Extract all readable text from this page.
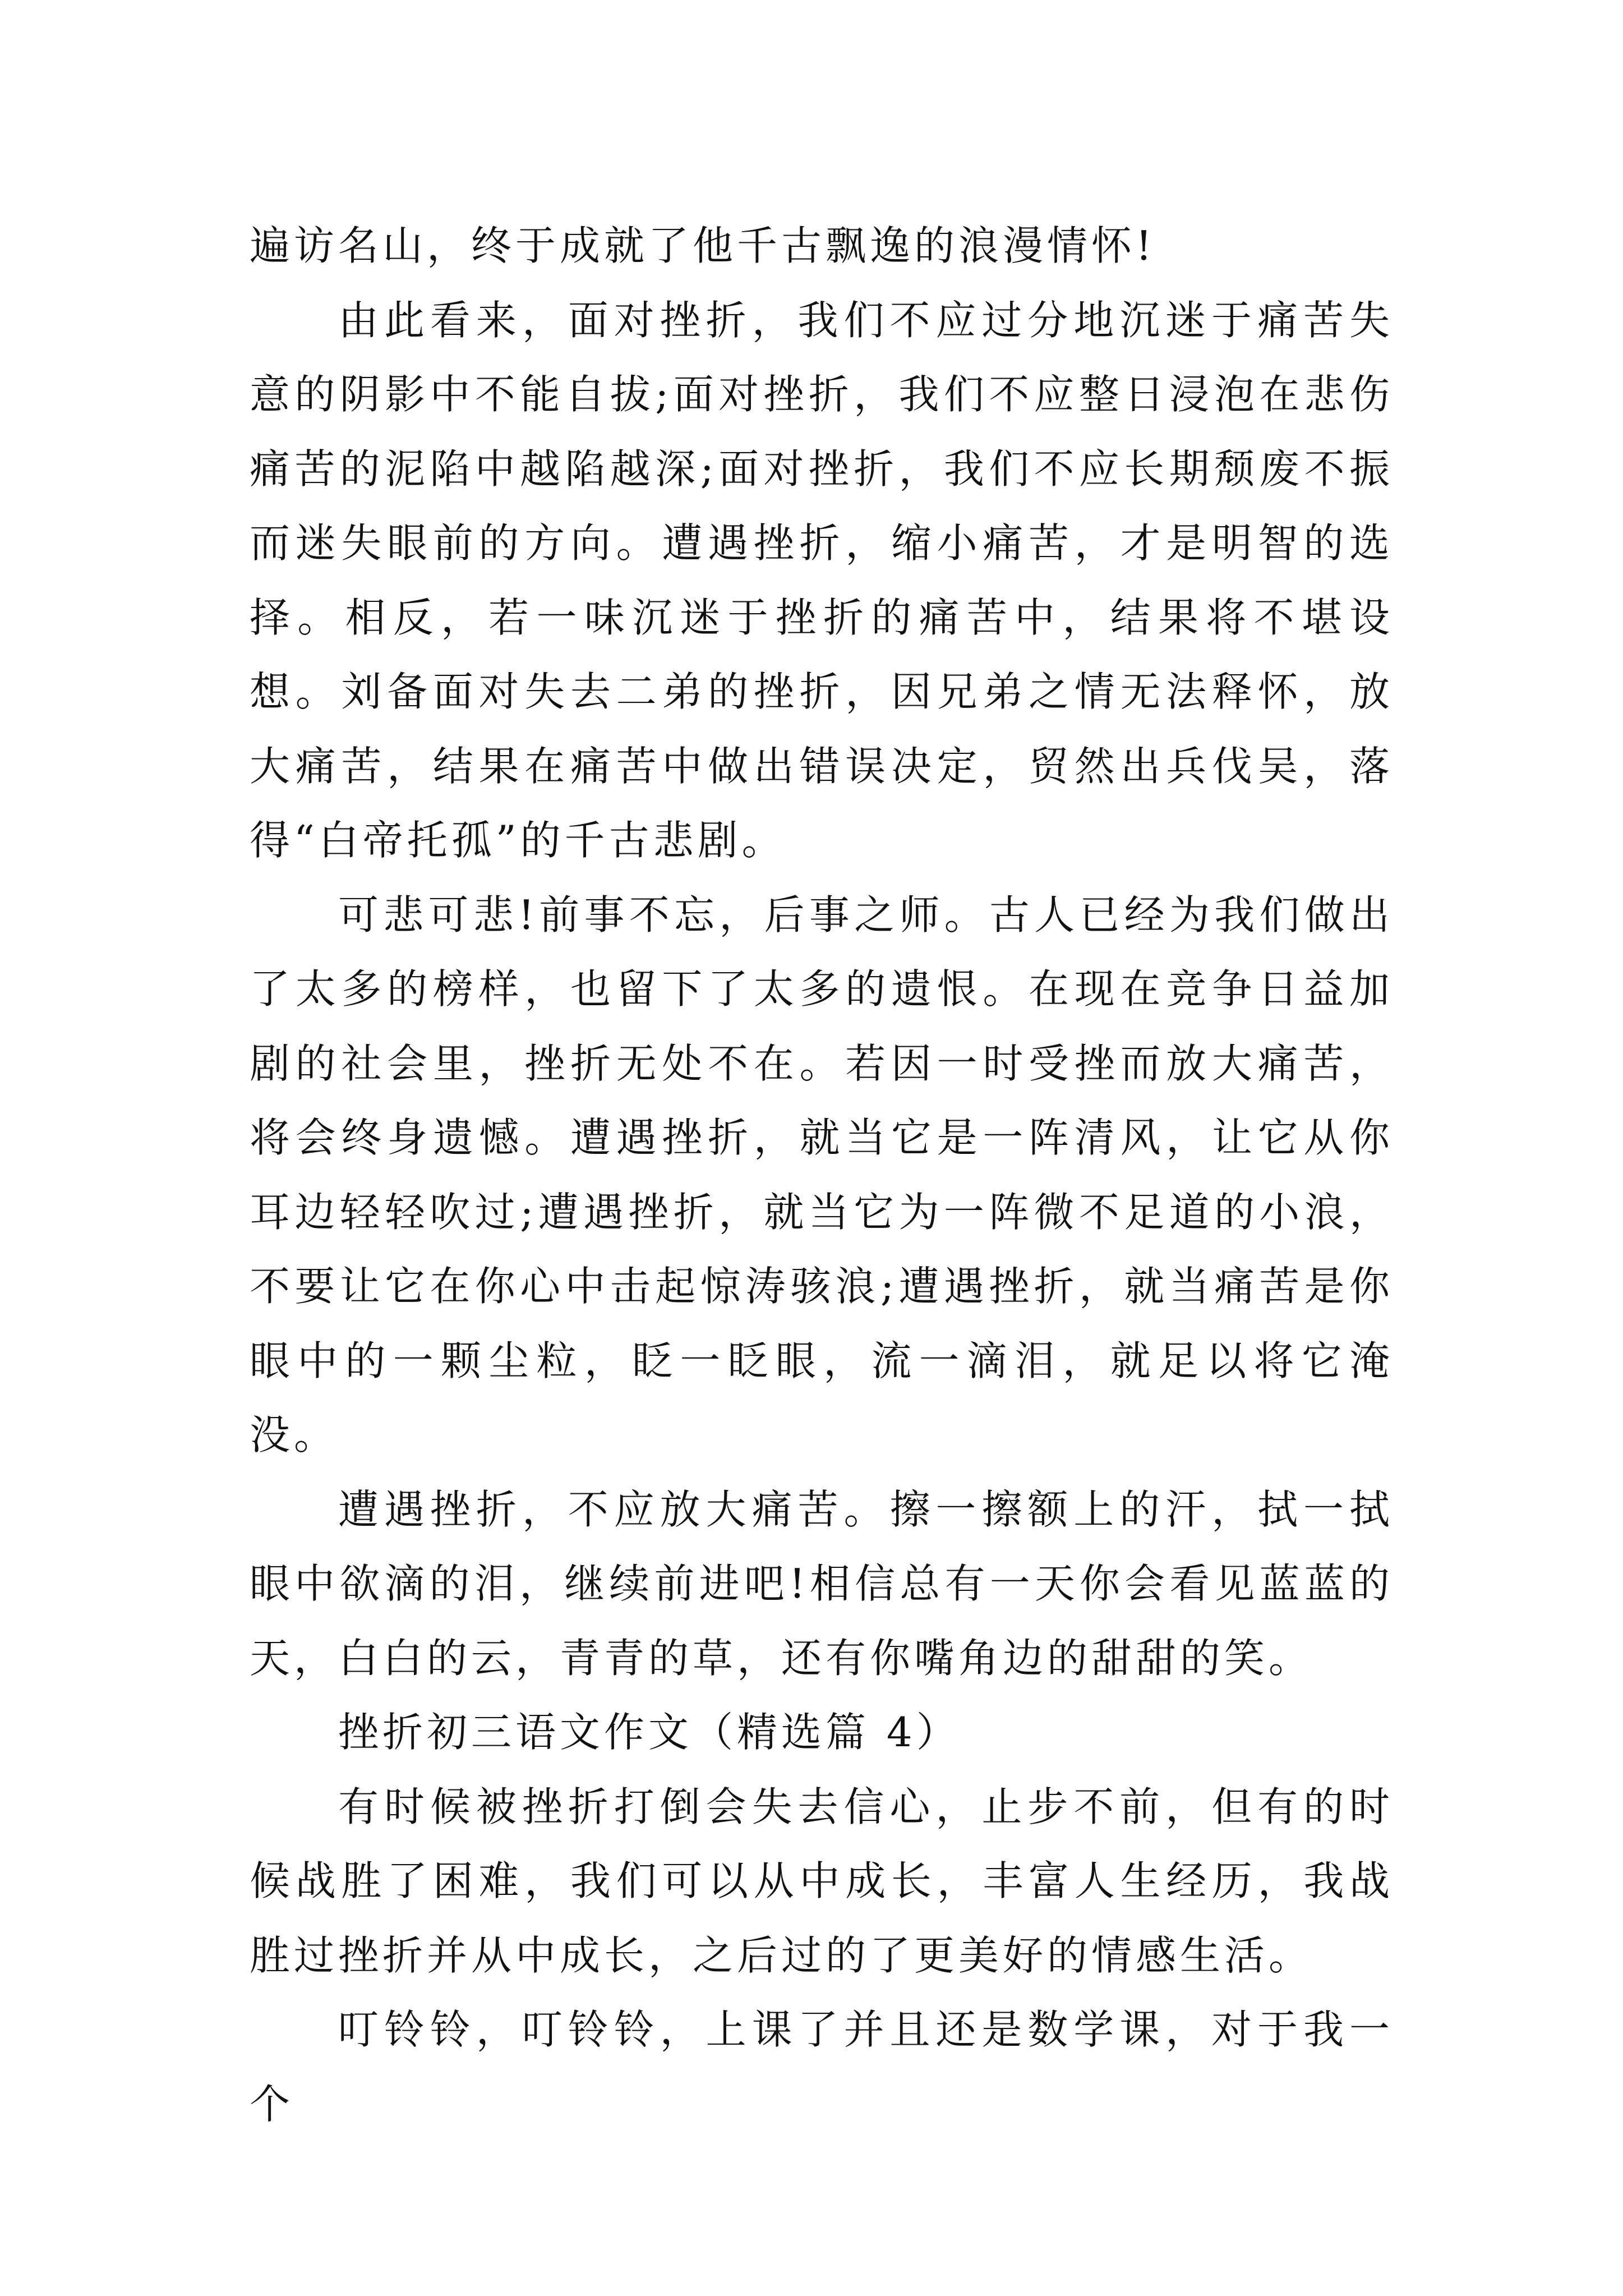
遍访名山，终于成就了他千古飘逸的浪漫情怀!

由此看来，面对挫折，我们不应过分地沉迷于痛苦失意的阴影中不能自拔;面对挫折，我们不应整日浸泡在悲伤痛苦的泥陷中越陷越深;面对挫折，我们不应长期颓废不振而迷失眼前的方向。遭遇挫折，缩小痛苦，才是明智的选择。相反，若一味沉迷于挫折的痛苦中，结果将不堪设想。刘备面对失去二弟的挫折，因兄弟之情无法释怀，放大痛苦，结果在痛苦中做出错误决定，贸然出兵伐吴，落得“白帝托孤”的千古悲剧。

可悲可悲!前事不忘，后事之师。古人已经为我们做出了太多的榜样，也留下了太多的遗恨。在现在竞争日益加剧的社会里，挫折无处不在。若因一时受挫而放大痛苦，将会终身遗憾。遭遇挫折，就当它是一阵清风，让它从你耳边轻轻吹过;遭遇挫折，就当它为一阵微不足道的小浪，不要让它在你心中击起惊涛骇浪;遭遇挫折，就当痛苦是你眼中的一颗尘粒，眨一眨眼，流一滴泪，就足以将它淹没。

遭遇挫折，不应放大痛苦。擦一擦额上的汗，拭一拭眼中欲滴的泪，继续前进吧!相信总有一天你会看见蓝蓝的天，白白的云，青青的草，还有你嘴角边的甜甜的笑。

挫折初三语文作文（精选篇 4）

有时候被挫折打倒会失去信心，止步不前，但有的时候战胜了困难，我们可以从中成长，丰富人生经历，我战胜过挫折并从中成长，之后过的了更美好的情感生活。

叮铃铃，叮铃铃，上课了并且还是数学课，对于我一个
